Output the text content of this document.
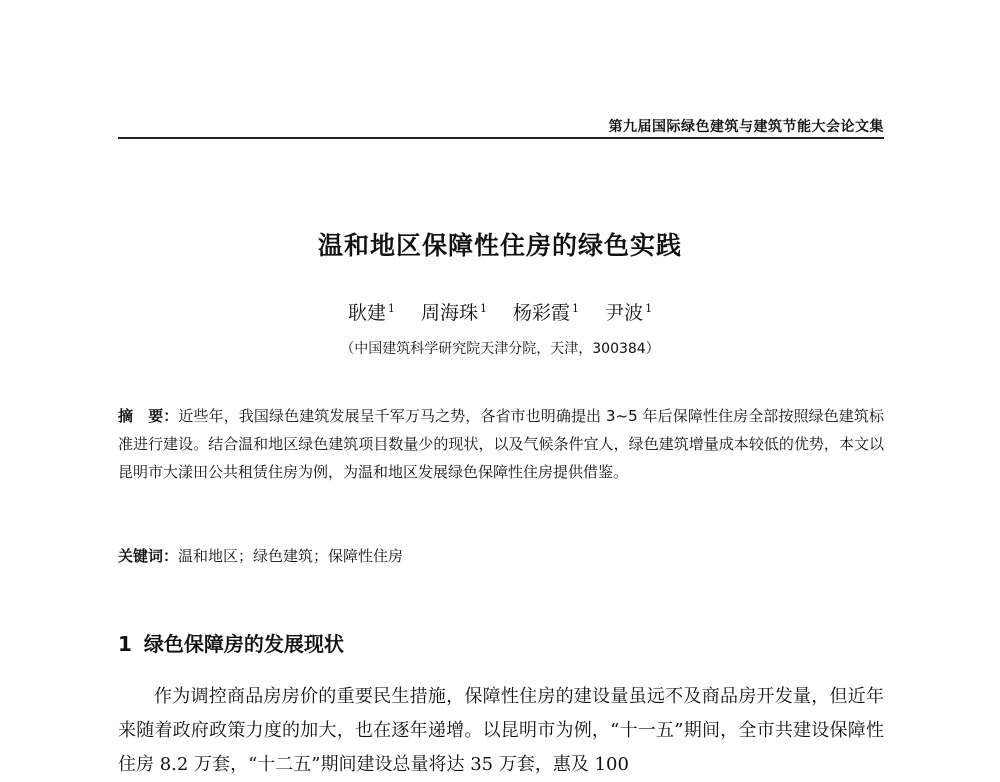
第九届国际绿色建筑与建筑节能大会论文集
温和地区保障性住房的绿色实践
耿建 $^1$ 周海珠 $^1$ 杨彩霞 $^1$ 尹波 $^1$
（中国建筑科学研究院天津分院，天津，300384）
摘　要：近些年，我国绿色建筑发展呈千军万马之势，各省市也明确提出 3~5 年后保障性住房全部按照绿色建筑标准进行建设。结合温和地区绿色建筑项目数量少的现状，以及气候条件宜人，绿色建筑增量成本较低的优势，本文以昆明市大漾田公共租赁住房为例，为温和地区发展绿色保障性住房提供借鉴。
关键词：温和地区；绿色建筑；保障性住房
1 绿色保障房的发展现状
作为调控商品房房价的重要民生措施，保障性住房的建设量虽远不及商品房开发量，但近年来随着政府政策力度的加大，也在逐年递增。以昆明市为例，“十一五”期间，全市共建设保障性住房 8.2 万套，“十二五”期间建设总量将达 35 万套，惠及 100
